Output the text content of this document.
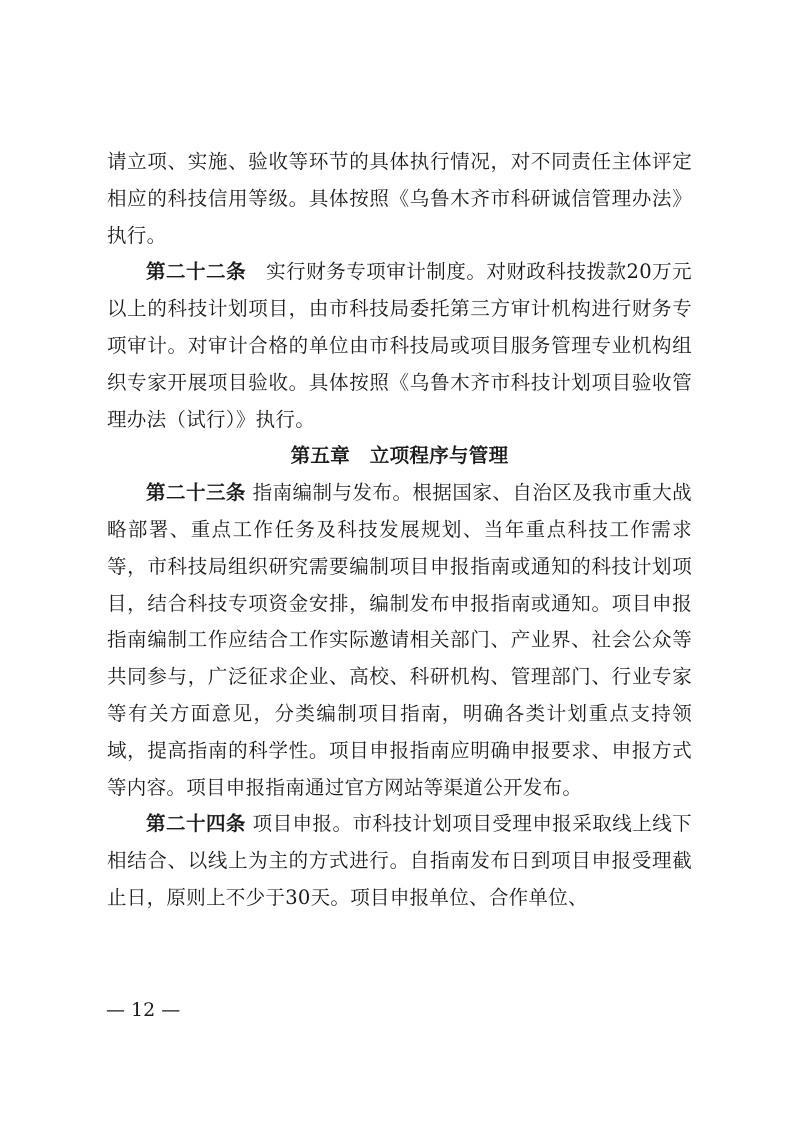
请立项、实施、验收等环节的具体执行情况，对不同责任主体评定相应的科技信用等级。具体按照《乌鲁木齐市科研诚信管理办法》执行。

第二十二条　实行财务专项审计制度。对财政科技拨款20万元以上的科技计划项目，由市科技局委托第三方审计机构进行财务专项审计。对审计合格的单位由市科技局或项目服务管理专业机构组织专家开展项目验收。具体按照《乌鲁木齐市科技计划项目验收管理办法（试行）》执行。

第五章　立项程序与管理

第二十三条 指南编制与发布。根据国家、自治区及我市重大战略部署、重点工作任务及科技发展规划、当年重点科技工作需求等，市科技局组织研究需要编制项目申报指南或通知的科技计划项目，结合科技专项资金安排，编制发布申报指南或通知。项目申报指南编制工作应结合工作实际邀请相关部门、产业界、社会公众等共同参与，广泛征求企业、高校、科研机构、管理部门、行业专家等有关方面意见，分类编制项目指南，明确各类计划重点支持领域，提高指南的科学性。项目申报指南应明确申报要求、申报方式等内容。项目申报指南通过官方网站等渠道公开发布。

第二十四条 项目申报。市科技计划项目受理申报采取线上线下相结合、以线上为主的方式进行。自指南发布日到项目申报受理截止日，原则上不少于30天。项目申报单位、合作单位、

— 12 —
